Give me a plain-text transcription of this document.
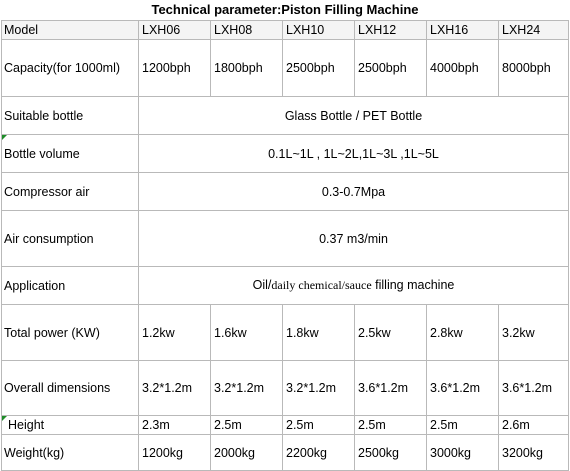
Technical parameter:Piston Filling Machine
Model	LXH06	LXH08	LXH10	LXH12	LXH16	LXH24
Capacity(for 1000ml)	1200bph	1800bph	2500bph	2500bph	4000bph	8000bph
Suitable bottle	Glass Bottle / PET Bottle					

Bottle volume	0.1L~1L , 1L~2L,1L~3L ,1L~5L					
Compressor air	0.3-0.7Mpa					
Air consumption	0.37 m3/min					
Application	Oil/daily chemical/sauce filling machine					
Total power (KW)	1.2kw	1.6kw	1.8kw	2.5kw	2.8kw	3.2kw
Overall dimensions	3.2*1.2m	3.2*1.2m	3.2*1.2m	3.6*1.2m	3.6*1.2m	3.6*1.2m

Height	2.3m	2.5m	2.5m	2.5m	2.5m	2.6m
Weight(kg)	1200kg	2000kg	2200kg	2500kg	3000kg	3200kg
